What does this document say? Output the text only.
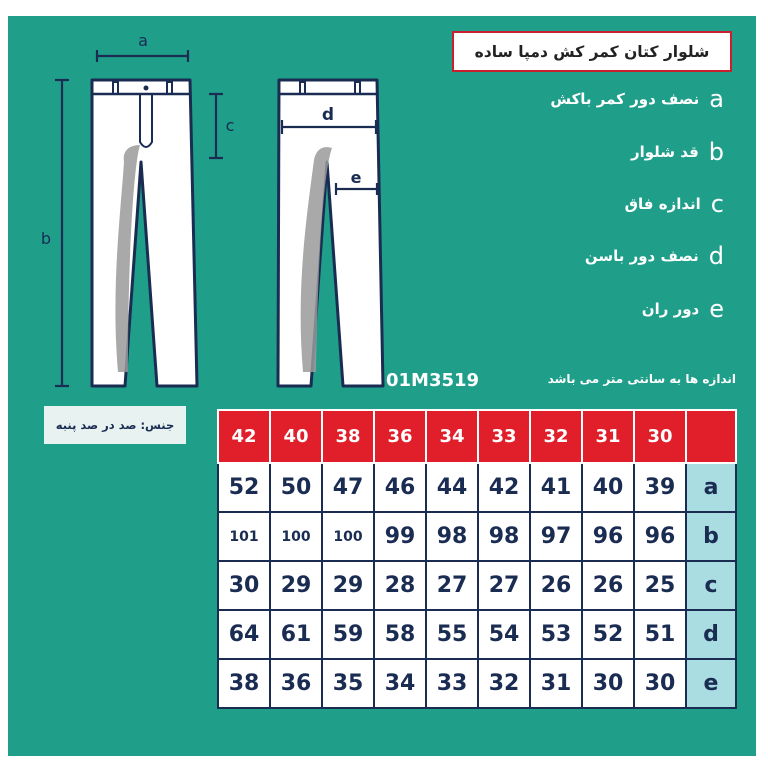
a
b
c
d
e
شلوار کتان کمر کش دمپا ساده
a
نصف دور کمر باکش
b
قد شلوار
c
اندازه فاق
d
نصف دور باسن
e
دور ران
01M3519	اندازه ها به سانتی متر می باشد
جنس: صد در صد پنبه
42	40	38	36	34	33	32	31	30	
52	50	47	46	44	42	41	40	39	a
101	100	100	99	98	98	97	96	96	b
30	29	29	28	27	27	26	26	25	c
64	61	59	58	55	54	53	52	51	d
38	36	35	34	33	32	31	30	30	e
